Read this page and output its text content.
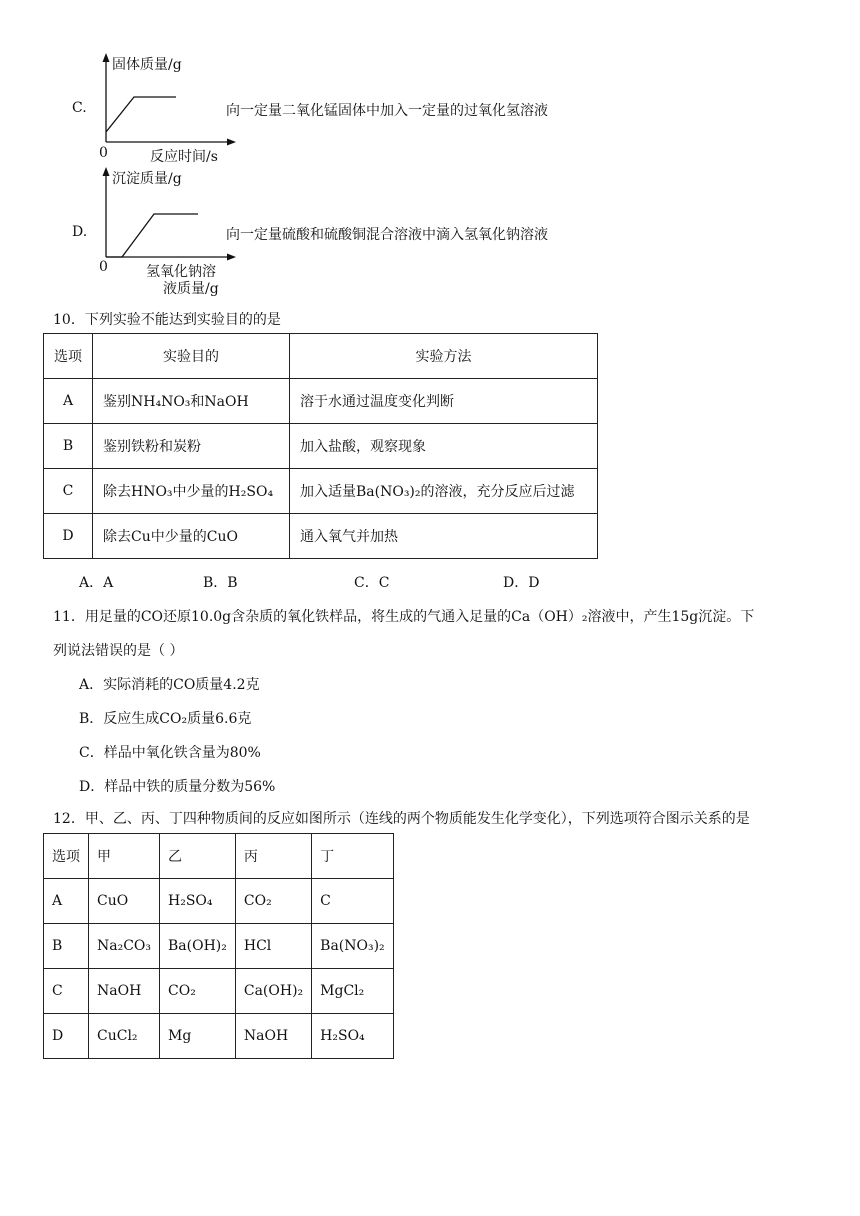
C.
固体质量/g
0	反应时间/s
向一定量二氧化锰固体中加入一定量的过氧化氢溶液
D.
沉淀质量/g
0	氢氧化钠溶
液质量/g
向一定量硫酸和硫酸铜混合溶液中滴入氢氧化钠溶液
10．下列实验不能达到实验目的的是
选项	实验目的	实验方法
A	鉴别NH₄NO₃和NaOH	溶于水通过温度变化判断
B	鉴别铁粉和炭粉	加入盐酸，观察现象
C	除去HNO₃中少量的H₂SO₄	加入适量Ba(NO₃)₂的溶液，充分反应后过滤
D	除去Cu中少量的CuO	通入氧气并加热
A．A	B．B	C．C	D．D
11．用足量的CO还原10.0g含杂质的氧化铁样品，将生成的气通入足量的Ca（OH）₂溶液中，产生15g沉淀。下
列说法错误的是（ ）
A．实际消耗的CO质量4.2克
B．反应生成CO₂质量6.6克
C．样品中氧化铁含量为80%
D．样品中铁的质量分数为56%
12．甲、乙、丙、丁四种物质间的反应如图所示（连线的两个物质能发生化学变化），下列选项符合图示关系的是
选项	甲	乙	丙	丁
A	CuO	H₂SO₄	CO₂	C
B	Na₂CO₃	Ba(OH)₂	HCl	Ba(NO₃)₂
C	NaOH	CO₂	Ca(OH)₂	MgCl₂
D	CuCl₂	Mg	NaOH	H₂SO₄
